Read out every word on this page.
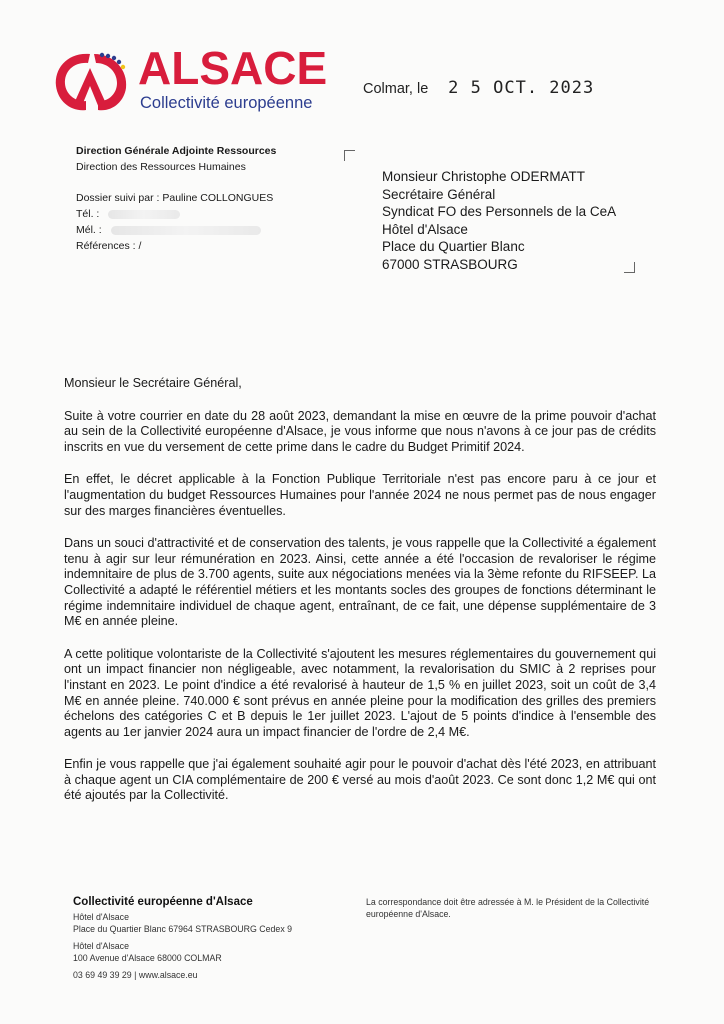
ALSACE
Collectivité européenne
Colmar, le 2 5 OCT. 2023
Direction Générale Adjointe Ressources
Direction des Ressources Humaines
Dossier suivi par : Pauline COLLONGUES
Tél. :
Mél. :
Références : /
Monsieur Christophe ODERMATT
Secrétaire Général
Syndicat FO des Personnels de la CeA
Hôtel d'Alsace
Place du Quartier Blanc
67000 STRASBOURG

Monsieur le Secrétaire Général,

Suite à votre courrier en date du 28 août 2023, demandant la mise en œuvre de la prime pouvoir d'achat au sein de la Collectivité européenne d'Alsace, je vous informe que nous n'avons à ce jour pas de crédits inscrits en vue du versement de cette prime dans le cadre du Budget Primitif 2024.

En effet, le décret applicable à la Fonction Publique Territoriale n'est pas encore paru à ce jour et l'augmentation du budget Ressources Humaines pour l'année 2024 ne nous permet pas de nous engager sur des marges financières éventuelles.

Dans un souci d'attractivité et de conservation des talents, je vous rappelle que la Collectivité a également tenu à agir sur leur rémunération en 2023. Ainsi, cette année a été l'occasion de revaloriser le régime indemnitaire de plus de 3.700 agents, suite aux négociations menées via la 3ème refonte du RIFSEEP. La Collectivité a adapté le référentiel métiers et les montants socles des groupes de fonctions déterminant le régime indemnitaire individuel de chaque agent, entraînant, de ce fait, une dépense supplémentaire de 3 M€ en année pleine.

A cette politique volontariste de la Collectivité s'ajoutent les mesures réglementaires du gouvernement qui ont un impact financier non négligeable, avec notamment, la revalorisation du SMIC à 2 reprises pour l'instant en 2023. Le point d'indice a été revalorisé à hauteur de 1,5 % en juillet 2023, soit un coût de 3,4 M€ en année pleine. 740.000 € sont prévus en année pleine pour la modification des grilles des premiers échelons des catégories C et B depuis le 1er juillet 2023. L'ajout de 5 points d'indice à l'ensemble des agents au 1er janvier 2024 aura un impact financier de l'ordre de 2,4 M€.

Enfin je vous rappelle que j'ai également souhaité agir pour le pouvoir d'achat dès l'été 2023, en attribuant à chaque agent un CIA complémentaire de 200 € versé au mois d'août 2023. Ce sont donc 1,2 M€ qui ont été ajoutés par la Collectivité.

Collectivité européenne d'Alsace
Hôtel d'Alsace
Place du Quartier Blanc 67964 STRASBOURG Cedex 9
Hôtel d'Alsace
100 Avenue d'Alsace 68000 COLMAR
03 69 49 39 29 | www.alsace.eu
La correspondance doit être adressée à M. le Président de la Collectivité européenne d'Alsace.
